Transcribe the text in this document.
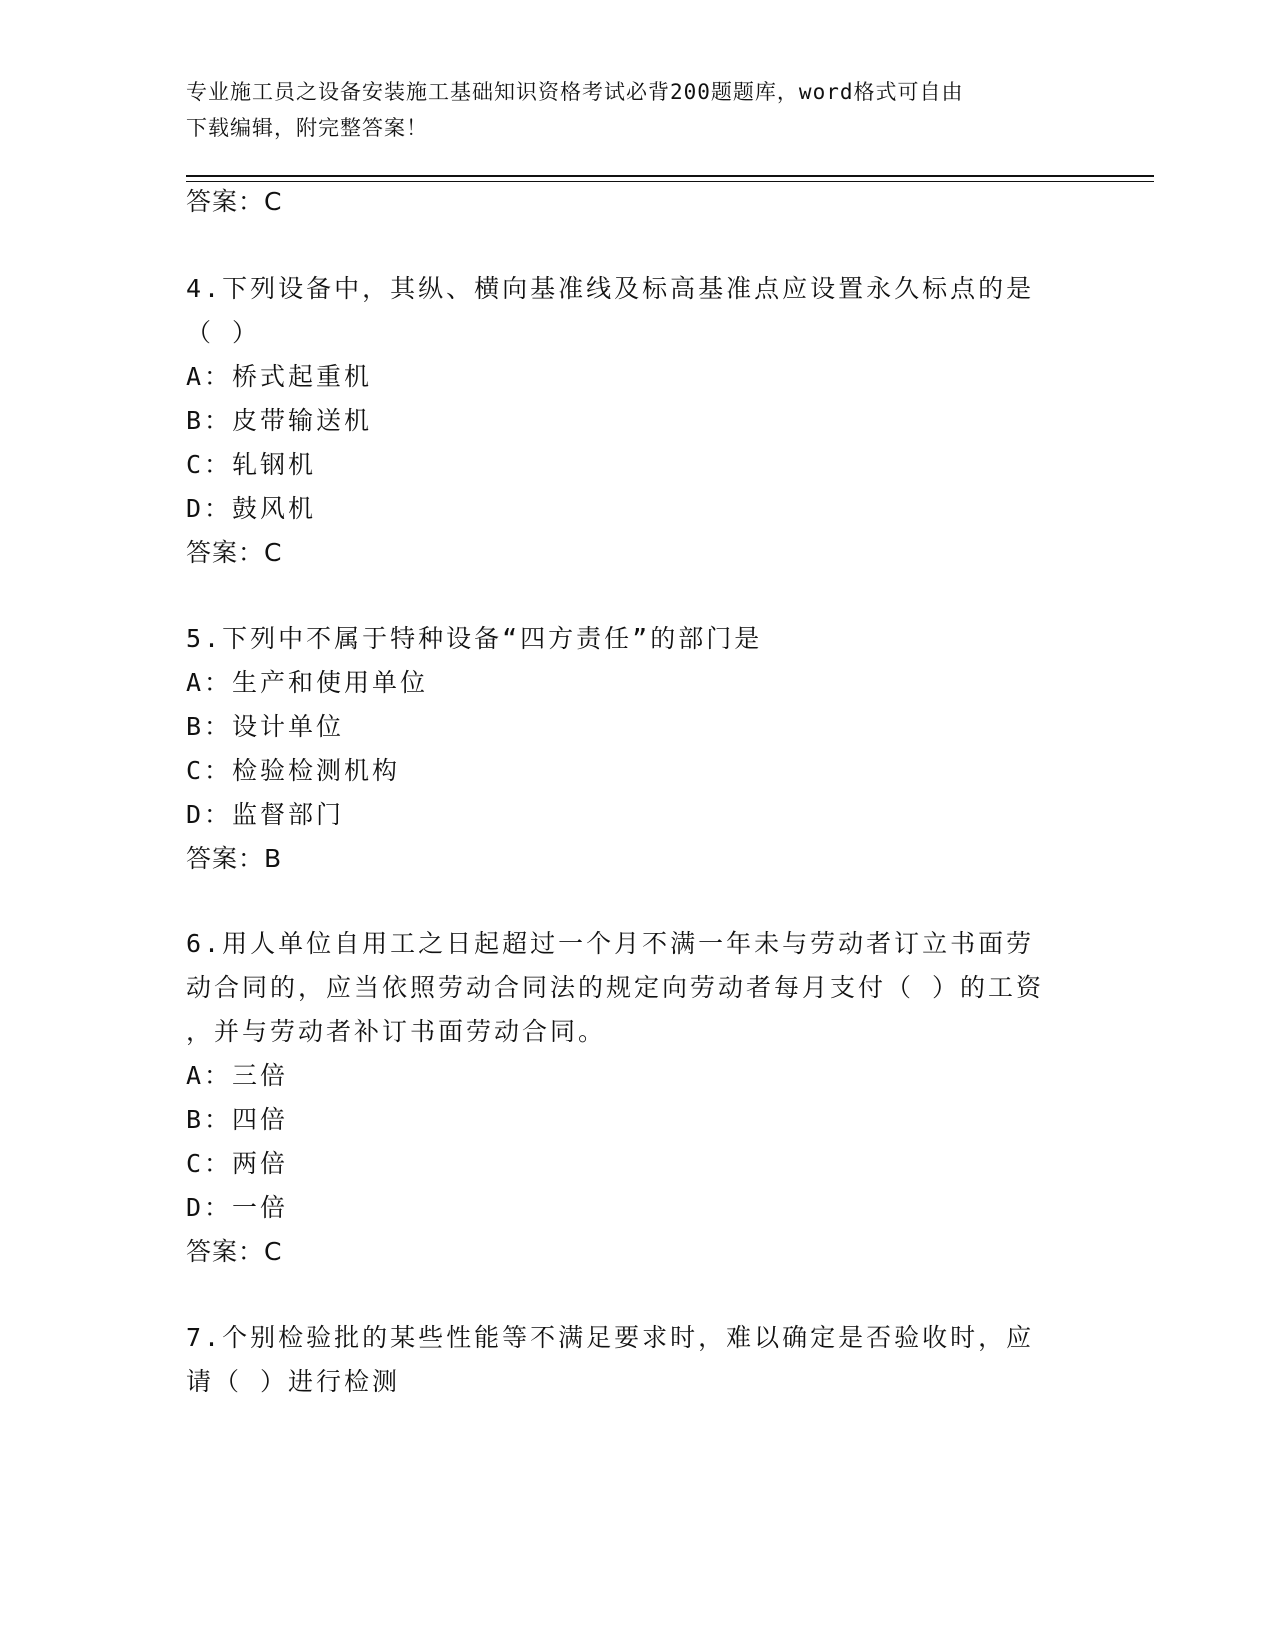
专业施工员之设备安装施工基础知识资格考试必背200题题库，word格式可自由
下载编辑，附完整答案！
答案：C
4.下列设备中，其纵、横向基准线及标高基准点应设置永久标点的是
（ ）
A：桥式起重机
B：皮带输送机
C：轧钢机
D：鼓风机
答案：C
5.下列中不属于特种设备“四方责任”的部门是
A：生产和使用单位
B：设计单位
C：检验检测机构
D：监督部门
答案：B
6.用人单位自用工之日起超过一个月不满一年未与劳动者订立书面劳
动合同的，应当依照劳动合同法的规定向劳动者每月支付（ ）的工资
，并与劳动者补订书面劳动合同。
A：三倍
B：四倍
C：两倍
D：一倍
答案：C
7.个别检验批的某些性能等不满足要求时，难以确定是否验收时，应
请（ ）进行检测
